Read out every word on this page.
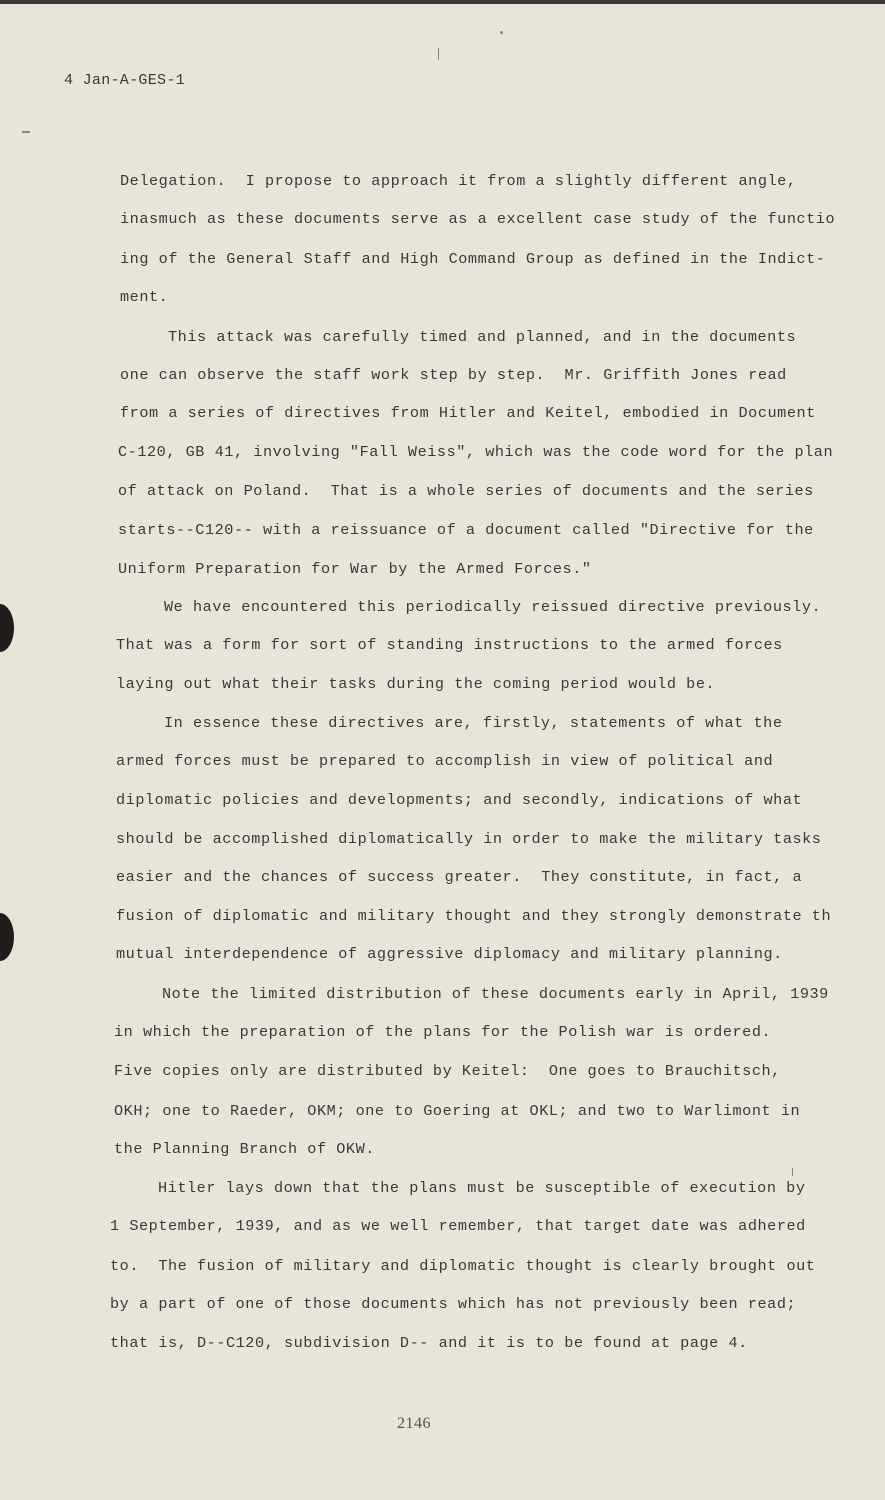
4 Jan-A-GES-1
Delegation.  I propose to approach it from a slightly different angle,
inasmuch as these documents serve as a excellent case study of the functio
ing of the General Staff and High Command Group as defined in the Indict-
ment.
This attack was carefully timed and planned, and in the documents
one can observe the staff work step by step.  Mr. Griffith Jones read
from a series of directives from Hitler and Keitel, embodied in Document
C-120, GB 41, involving "Fall Weiss", which was the code word for the plan
of attack on Poland.  That is a whole series of documents and the series
starts--C120-- with a reissuance of a document called "Directive for the
Uniform Preparation for War by the Armed Forces."
We have encountered this periodically reissued directive previously.
That was a form for sort of standing instructions to the armed forces
laying out what their tasks during the coming period would be.
In essence these directives are, firstly, statements of what the
armed forces must be prepared to accomplish in view of political and
diplomatic policies and developments; and secondly, indications of what
should be accomplished diplomatically in order to make the military tasks
easier and the chances of success greater.  They constitute, in fact, a
fusion of diplomatic and military thought and they strongly demonstrate th
mutual interdependence of aggressive diplomacy and military planning.
Note the limited distribution of these documents early in April, 1939
in which the preparation of the plans for the Polish war is ordered.
Five copies only are distributed by Keitel:  One goes to Brauchitsch,
OKH; one to Raeder, OKM; one to Goering at OKL; and two to Warlimont in
the Planning Branch of OKW.
Hitler lays down that the plans must be susceptible of execution by
1 September, 1939, and as we well remember, that target date was adhered
to.  The fusion of military and diplomatic thought is clearly brought out
by a part of one of those documents which has not previously been read;
that is, D--C120, subdivision D-- and it is to be found at page 4.
2146
